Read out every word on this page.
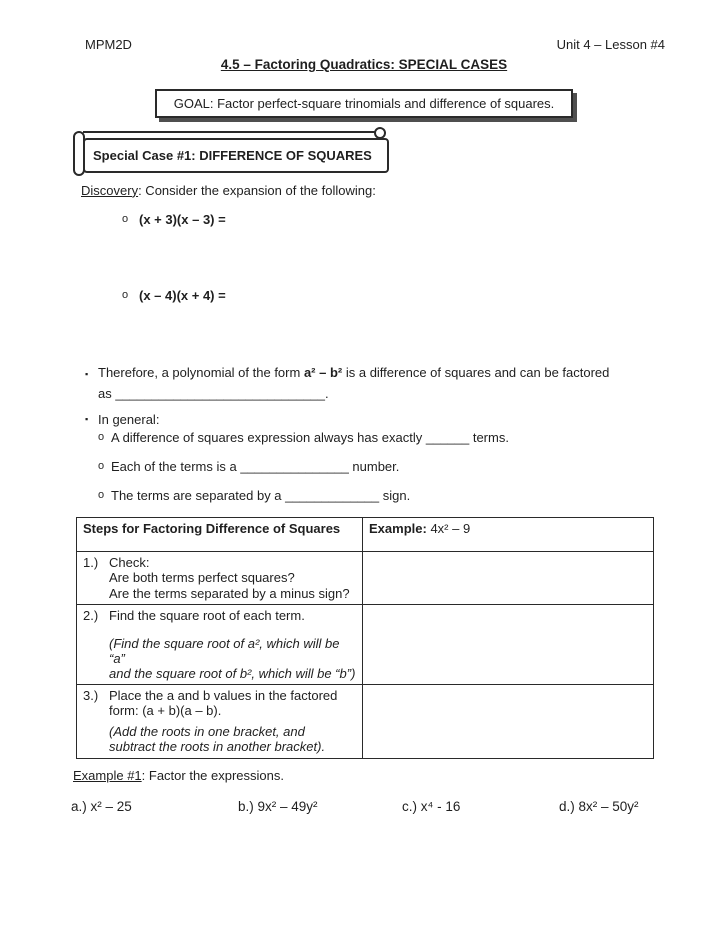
MPM2D	Unit 4 – Lesson #4
4.5 – Factoring Quadratics: SPECIAL CASES
GOAL: Factor perfect-square trinomials and difference of squares.
Special Case #1: DIFFERENCE OF SQUARES
Discovery: Consider the expansion of the following:
o (x + 3)(x – 3) =
o (x – 4)(x + 4) =
▪ Therefore, a polynomial of the form a² – b² is a difference of squares and can be factored
as _____________________________.
▪ In general:
o A difference of squares expression always has exactly ______ terms.
o Each of the terms is a _______________ number.
o The terms are separated by a _____________ sign.
Steps for Factoring Difference of Squares	Example: 4x² – 9

1.) Check:
Are both terms perfect squares?
Are the terms separated by a minus sign?	

2.) Find the square root of each term.
(Find the square root of a², which will be “a”
and the square root of b², which will be “b”)	

3.) Place the a and b values in the factored
form: (a + b)(a – b).
(Add the roots in one bracket, and
subtract the roots in another bracket).	

Example #1: Factor the expressions.
a.) x² – 25	b.) 9x² – 49y²	c.) x⁴ - 16	d.) 8x² – 50y²
